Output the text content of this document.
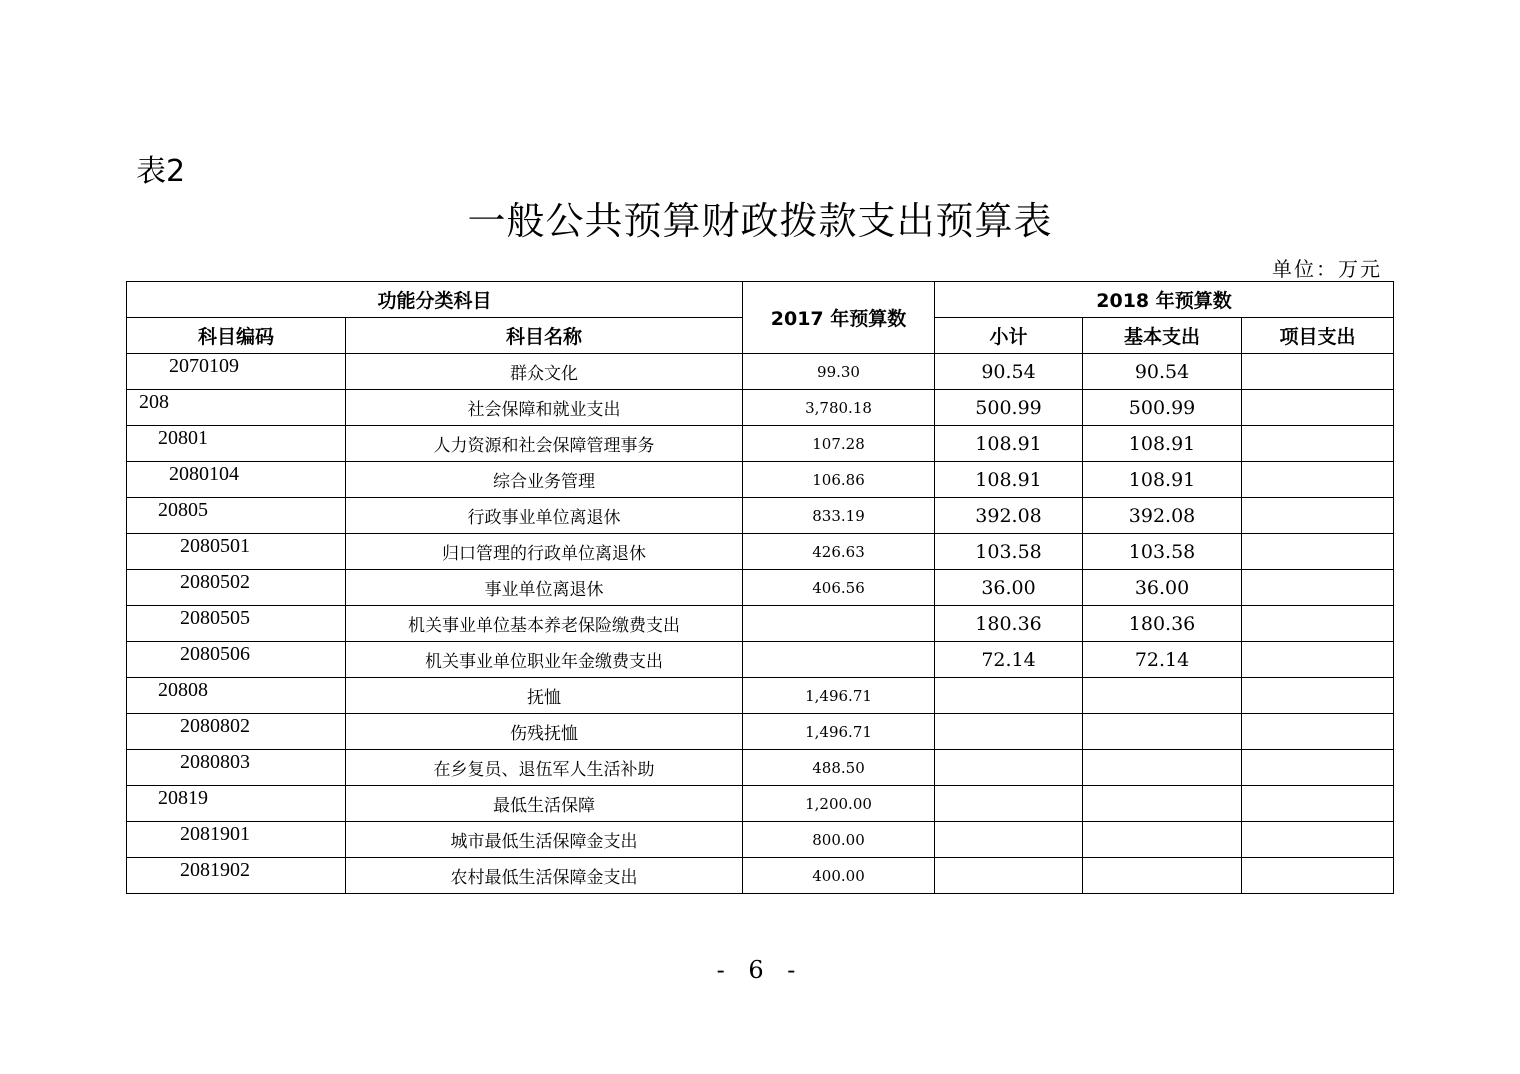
表2
一般公共预算财政拨款支出预算表
单位：万元
功能分类科目		2017 年预算数	2018 年预算数		
科目编码	科目名称		小计	基本支出	项目支出
2070109	群众文化	99.30	90.54	90.54	
208	社会保障和就业支出	3,780.18	500.99	500.99	
20801	人力资源和社会保障管理事务	107.28	108.91	108.91	
2080104	综合业务管理	106.86	108.91	108.91	
20805	行政事业单位离退休	833.19	392.08	392.08	
2080501	归口管理的行政单位离退休	426.63	103.58	103.58	
2080502	事业单位离退休	406.56	36.00	36.00	
2080505	机关事业单位基本养老保险缴费支出		180.36	180.36	
2080506	机关事业单位职业年金缴费支出		72.14	72.14	
20808	抚恤	1,496.71			
2080802	伤残抚恤	1,496.71			
2080803	在乡复员、退伍军人生活补助	488.50			
20819	最低生活保障	1,200.00			
2081901	城市最低生活保障金支出	800.00			
2081902	农村最低生活保障金支出	400.00			
- 6 -
